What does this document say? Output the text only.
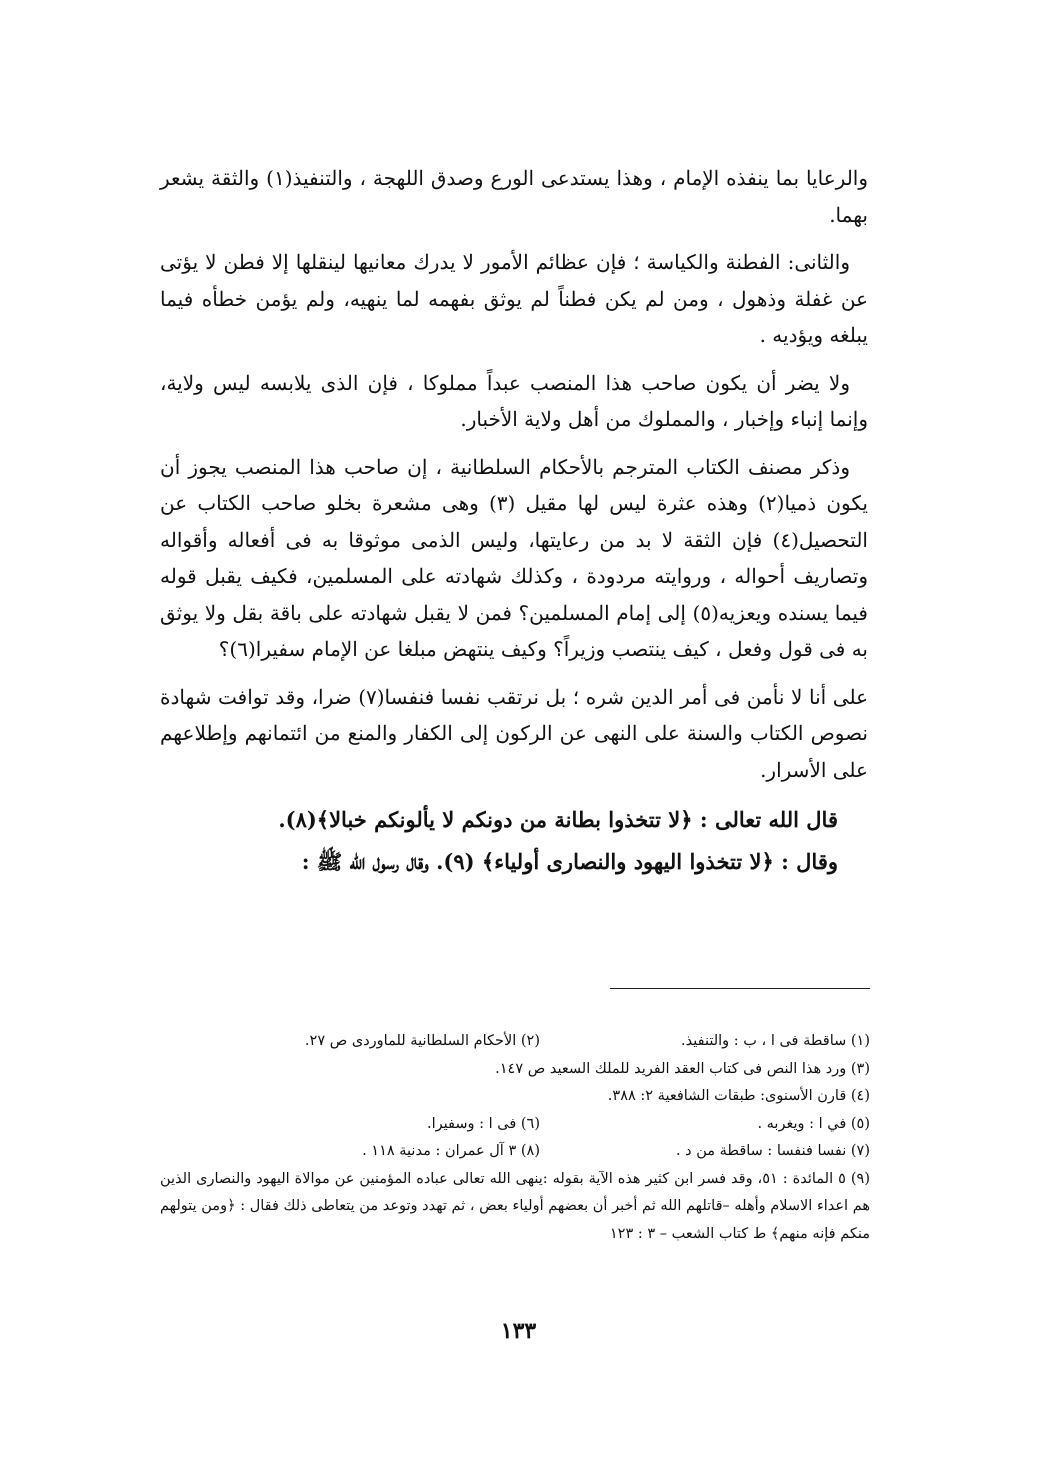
والرعايا بما ينفذه الإمام ، وهذا يستدعى الورع وصدق اللهجة ، والتنفيذ(١) والثقة يشعر بهما.

والثانى: الفطنة والكياسة ؛ فإن عظائم الأمور لا يدرك معانيها لينقلها إلا فطن لا يؤتى عن غفلة وذهول ، ومن لم يكن فطناً لم يوثق بفهمه لما ينهيه، ولم يؤمن خطأه فيما يبلغه ويؤديه .

ولا يضر أن يكون صاحب هذا المنصب عبداً مملوكا ، فإن الذى يلابسه ليس ولاية، وإنما إنباء وإخبار ، والمملوك من أهل ولاية الأخبار.

وذكر مصنف الكتاب المترجم بالأحكام السلطانية ، إن صاحب هذا المنصب يجوز أن يكون ذميا(٢) وهذه عثرة ليس لها مقيل (٣) وهى مشعرة بخلو صاحب الكتاب عن التحصيل(٤) فإن الثقة لا بد من رعايتها، وليس الذمى موثوقا به فى أفعاله وأقواله وتصاريف أحواله ، وروايته مردودة ، وكذلك شهادته على المسلمين، فكيف يقبل قوله فيما يسنده ويعزيه(٥) إلى إمام المسلمين؟ فمن لا يقبل شهادته على باقة بقل ولا يوثق به فى قول وفعل ، كيف ينتصب وزيراً؟ وكيف ينتهض مبلغا عن الإمام سفيرا(٦)؟

على أنا لا نأمن فى أمر الدين شره ؛ بل نرتقب نفسا فنفسا(٧) ضرا، وقد توافت شهادة نصوص الكتاب والسنة على النهى عن الركون إلى الكفار والمنع من ائتمانهم وإطلاعهم على الأسرار.

قال الله تعالى : ﴿لا تتخذوا بطانة من دونكم لا يألونكم خبالا﴾(٨).

وقال : ﴿لا تتخذوا اليهود والنصارى أولياء﴾ (٩). وقال رسول الله ﷺ :

(١) ساقطة فى ا ، ب : والتنفيذ.
(٢) الأحكام السلطانية للماوردى ص ٢٧.
(٣) ورد هذا النص فى كتاب العقد الفريد للملك السعيد ص ١٤٧.
(٤) قارن الأسنوى: طبقات الشافعية ٢: ٣٨٨.
(٥) في ا : ويغربه .
(٦) فى ا : وسفيرا.
(٧) نفسا فنفسا : ساقطة من د .
(٨) ٣ آل عمران : مدنية ١١٨ .
(٩) ٥ المائدة : ٥١، وقد فسر ابن كثير هذه الآية بقوله :ينهى الله تعالى عباده المؤمنين عن موالاة اليهود والنصارى الذين هم اعداء الاسلام وأهله –قاتلهم الله ثم أخبر أن بعضهم أولياء بعض ، ثم تهدد وتوعد من يتعاطى ذلك فقال : ﴿ومن يتولهم منكم فإنه منهم﴾ ط كتاب الشعب – ٣ : ١٢٣
١٣٣
